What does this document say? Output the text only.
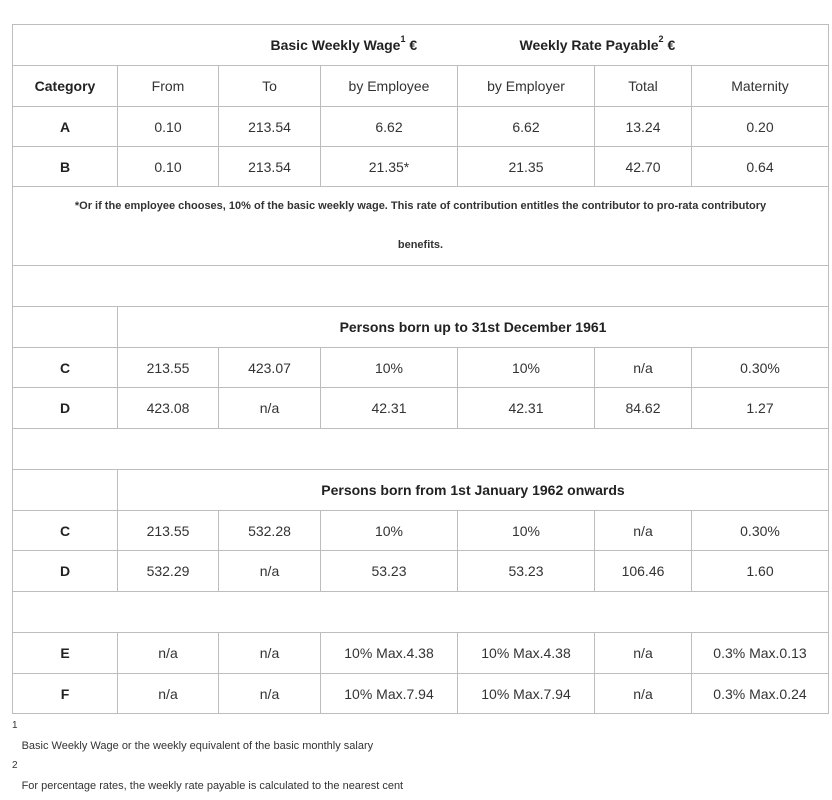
		Basic Weekly Wage$^1$ €		Weekly Rate Payable$^2$ €		
Category	From	To	by Employee	by Employer	Total	Maternity
A	0.10	213.54	6.62	6.62	13.24	0.20
B	0.10	213.54	21.35*	21.35	42.70	0.64

*Or if the employee chooses, 10% of the basic weekly wage. This rate of contribution entitles the contributor to pro-rata contributory
benefits.						

	Persons born up to 31st December 1961					
C	213.55	423.07	10%	10%	n/a	0.30%
D	423.08	n/a	42.31	42.31	84.62	1.27

	Persons born from 1st January 1962 onwards					
C	213.55	532.28	10%	10%	n/a	0.30%
D	532.29	n/a	53.23	53.23	106.46	1.60

E	n/a	n/a	10% Max.4.38	10% Max.4.38	n/a	0.3% Max.0.13
F	n/a	n/a	10% Max.7.94	10% Max.7.94	n/a	0.3% Max.0.24
$^1$Basic Weekly Wage or the weekly equivalent of the basic monthly salary
$^2$For percentage rates, the weekly rate payable is calculated to the nearest cent
